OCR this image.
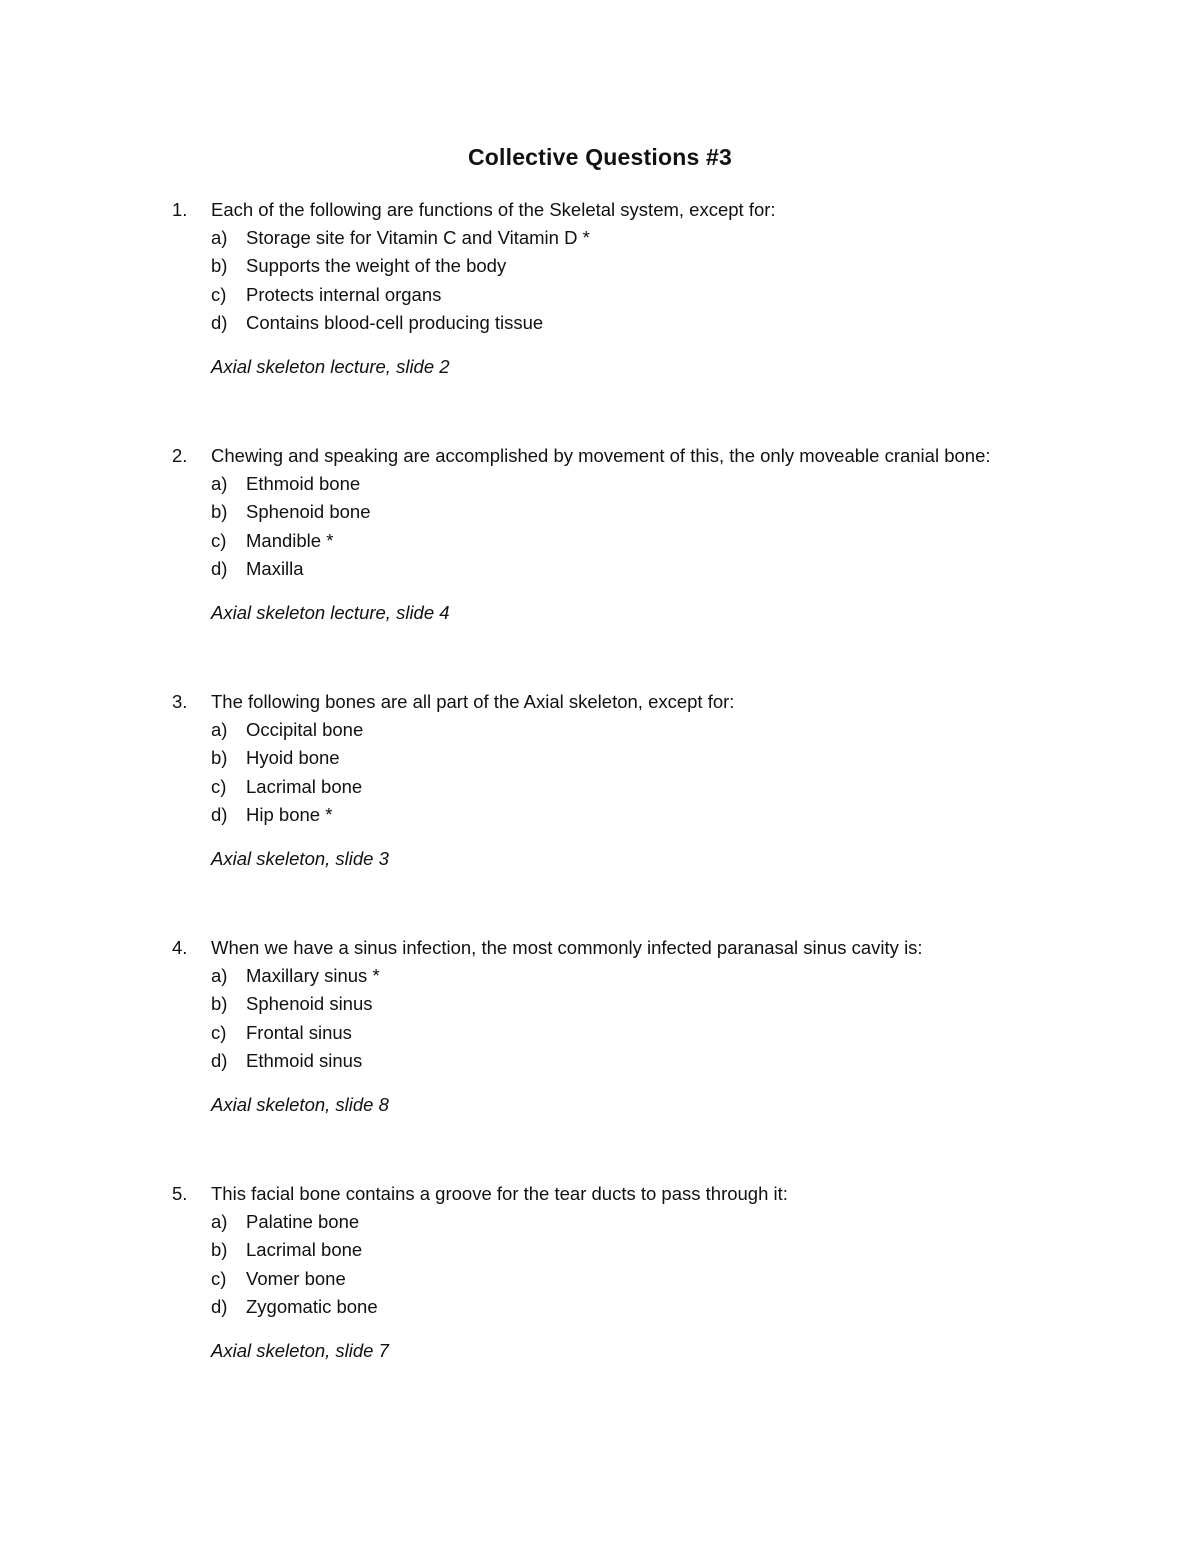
Collective Questions #3
1. Each of the following are functions of the Skeletal system, except for:
a) Storage site for Vitamin C and Vitamin D *
b) Supports the weight of the body
c) Protects internal organs
d) Contains blood-cell producing tissue
Axial skeleton lecture, slide 2
2. Chewing and speaking are accomplished by movement of this, the only moveable cranial bone:
a) Ethmoid bone
b) Sphenoid bone
c) Mandible *
d) Maxilla
Axial skeleton lecture, slide 4
3. The following bones are all part of the Axial skeleton, except for:
a) Occipital bone
b) Hyoid bone
c) Lacrimal bone
d) Hip bone *
Axial skeleton, slide 3
4. When we have a sinus infection, the most commonly infected paranasal sinus cavity is:
a) Maxillary sinus *
b) Sphenoid sinus
c) Frontal sinus
d) Ethmoid sinus
Axial skeleton, slide 8
5. This facial bone contains a groove for the tear ducts to pass through it:
a) Palatine bone
b) Lacrimal bone
c) Vomer bone
d) Zygomatic bone
Axial skeleton, slide 7
